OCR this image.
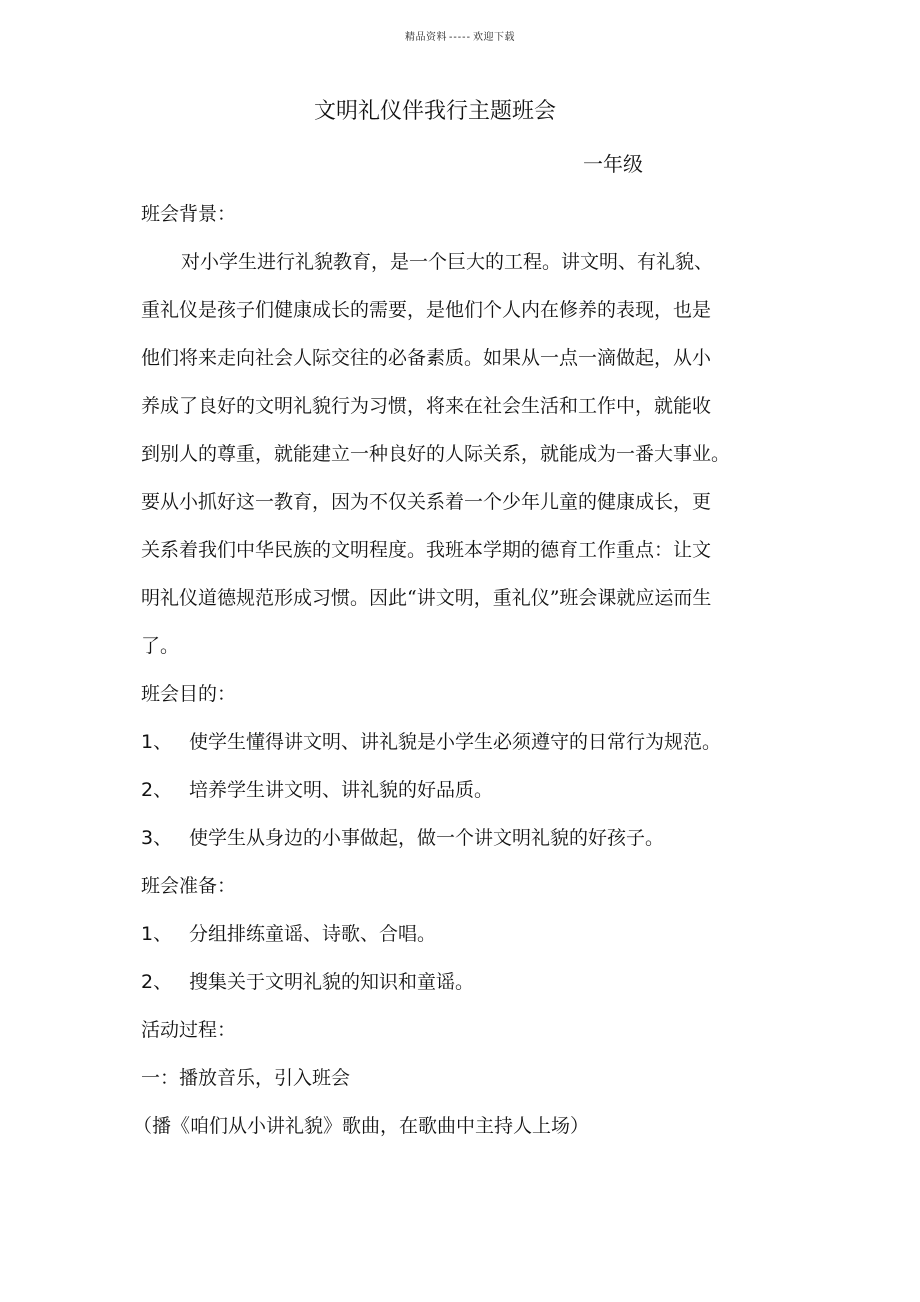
精品资料 ----- 欢迎下载
文明礼仪伴我行主题班会
一年级
班会背景：
对小学生进行礼貌教育，是一个巨大的工程。讲文明、有礼貌、
重礼仪是孩子们健康成长的需要，是他们个人内在修养的表现，也是
他们将来走向社会人际交往的必备素质。如果从一点一滴做起，从小
养成了良好的文明礼貌行为习惯，将来在社会生活和工作中，就能收
到别人的尊重，就能建立一种良好的人际关系，就能成为一番大事业。
要从小抓好这一教育，因为不仅关系着一个少年儿童的健康成长，更
关系着我们中华民族的文明程度。我班本学期的德育工作重点：让文
明礼仪道德规范形成习惯。因此“讲文明，重礼仪”班会课就应运而生
了。
班会目的：
1、 使学生懂得讲文明、讲礼貌是小学生必须遵守的日常行为规范。
2、 培养学生讲文明、讲礼貌的好品质。
3、 使学生从身边的小事做起，做一个讲文明礼貌的好孩子。
班会准备：
1、 分组排练童谣、诗歌、合唱。
2、 搜集关于文明礼貌的知识和童谣。
活动过程：
一：播放音乐，引入班会
（播《咱们从小讲礼貌》歌曲，在歌曲中主持人上场）
